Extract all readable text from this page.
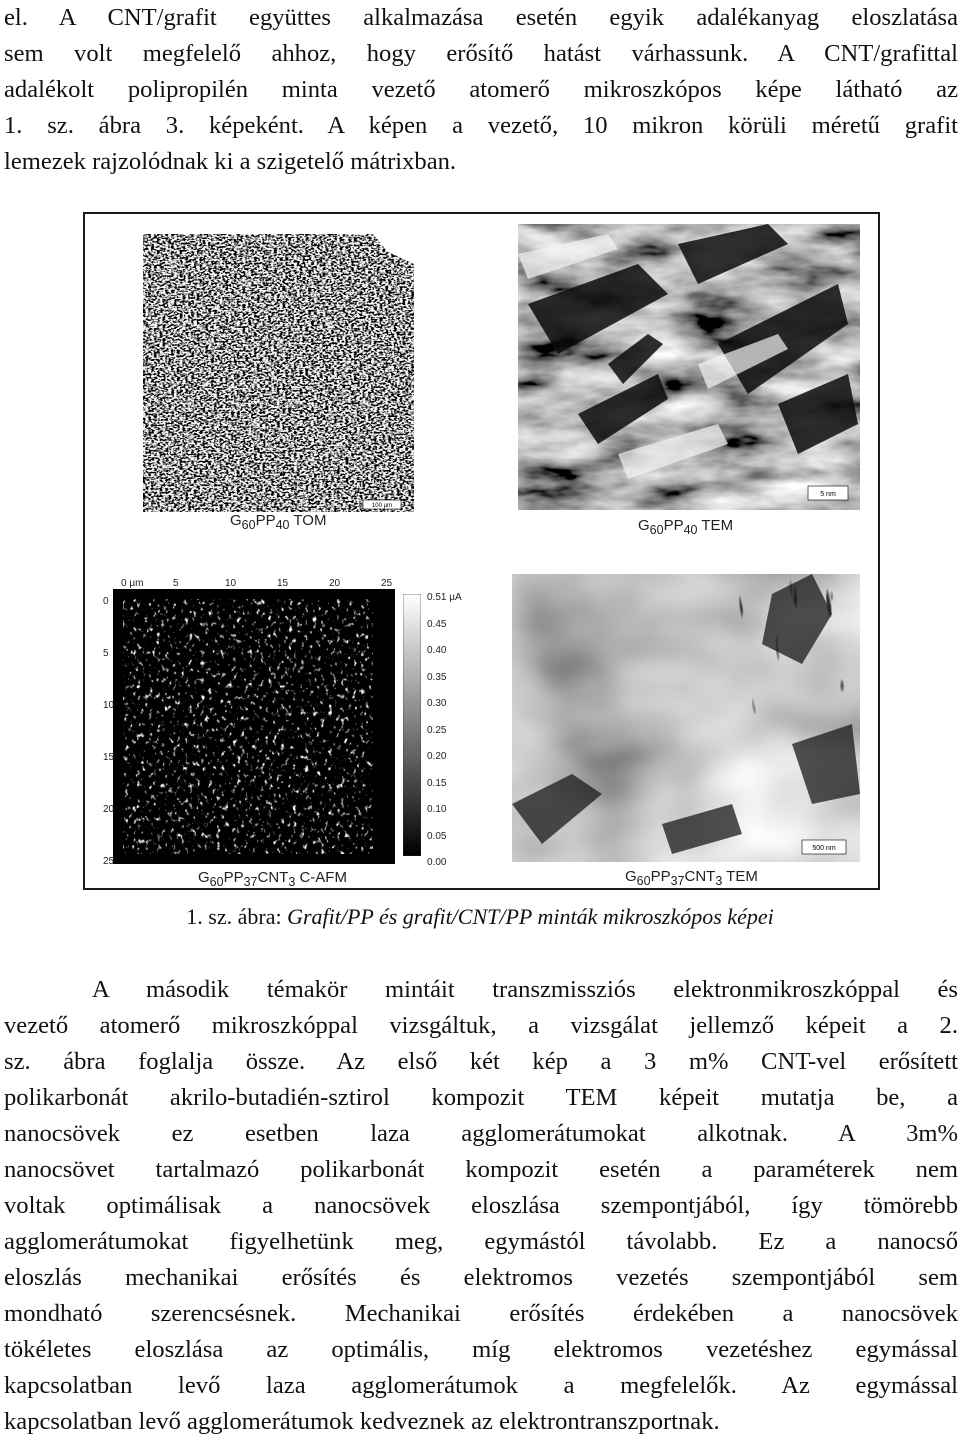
el. A CNT/grafit együttes alkalmazása esetén egyik adalékanyag eloszlatása
sem volt megfelelő ahhoz, hogy erősítő hatást várhassunk. A CNT/grafittal
adalékolt polipropilén minta vezető atomerő mikroszkópos képe látható az
1. sz. ábra 3. képeként. A képen a vezető, 10 mikron körüli méretű grafit
lemezek rajzolódnak ki a szigetelő mátrixban.
100 µm
$G_{60}PP_{40}$ TOM
5 nm
$G_{60}PP_{40}$ TEM
0 µm	5	10	15	20	25
0
5
10
15
20
25
0.51 µA
0.45
0.40
0.35
0.30
0.25
0.20
0.15
0.10
0.05
0.00
$G_{60}PP_{37}CNT_3$ C-AFM
500 nm
$G_{60}PP_{37}CNT_3$ TEM
1. sz. ábra: Grafit/PP és grafit/CNT/PP minták mikroszkópos képei
A második témakör mintáit transzmissziós elektronmikroszkóppal és
vezető atomerő mikroszkóppal vizsgáltuk, a vizsgálat jellemző képeit a 2.
sz. ábra foglalja össze. Az első két kép a 3 m% CNT-vel erősített
polikarbonát akrilo-butadién-sztirol kompozit TEM képeit mutatja be, a
nanocsövek ez esetben laza agglomerátumokat alkotnak. A 3m%
nanocsövet tartalmazó polikarbonát kompozit esetén a paraméterek nem
voltak optimálisak a nanocsövek eloszlása szempontjából, így tömörebb
agglomerátumokat figyelhetünk meg, egymástól távolabb. Ez a nanocső
eloszlás mechanikai erősítés és elektromos vezetés szempontjából sem
mondható szerencsésnek. Mechanikai erősítés érdekében a nanocsövek
tökéletes eloszlása az optimális, míg elektromos vezetéshez egymással
kapcsolatban levő laza agglomerátumok a megfelelők. Az egymással
kapcsolatban levő agglomerátumok kedveznek az elektrontranszportnak.
